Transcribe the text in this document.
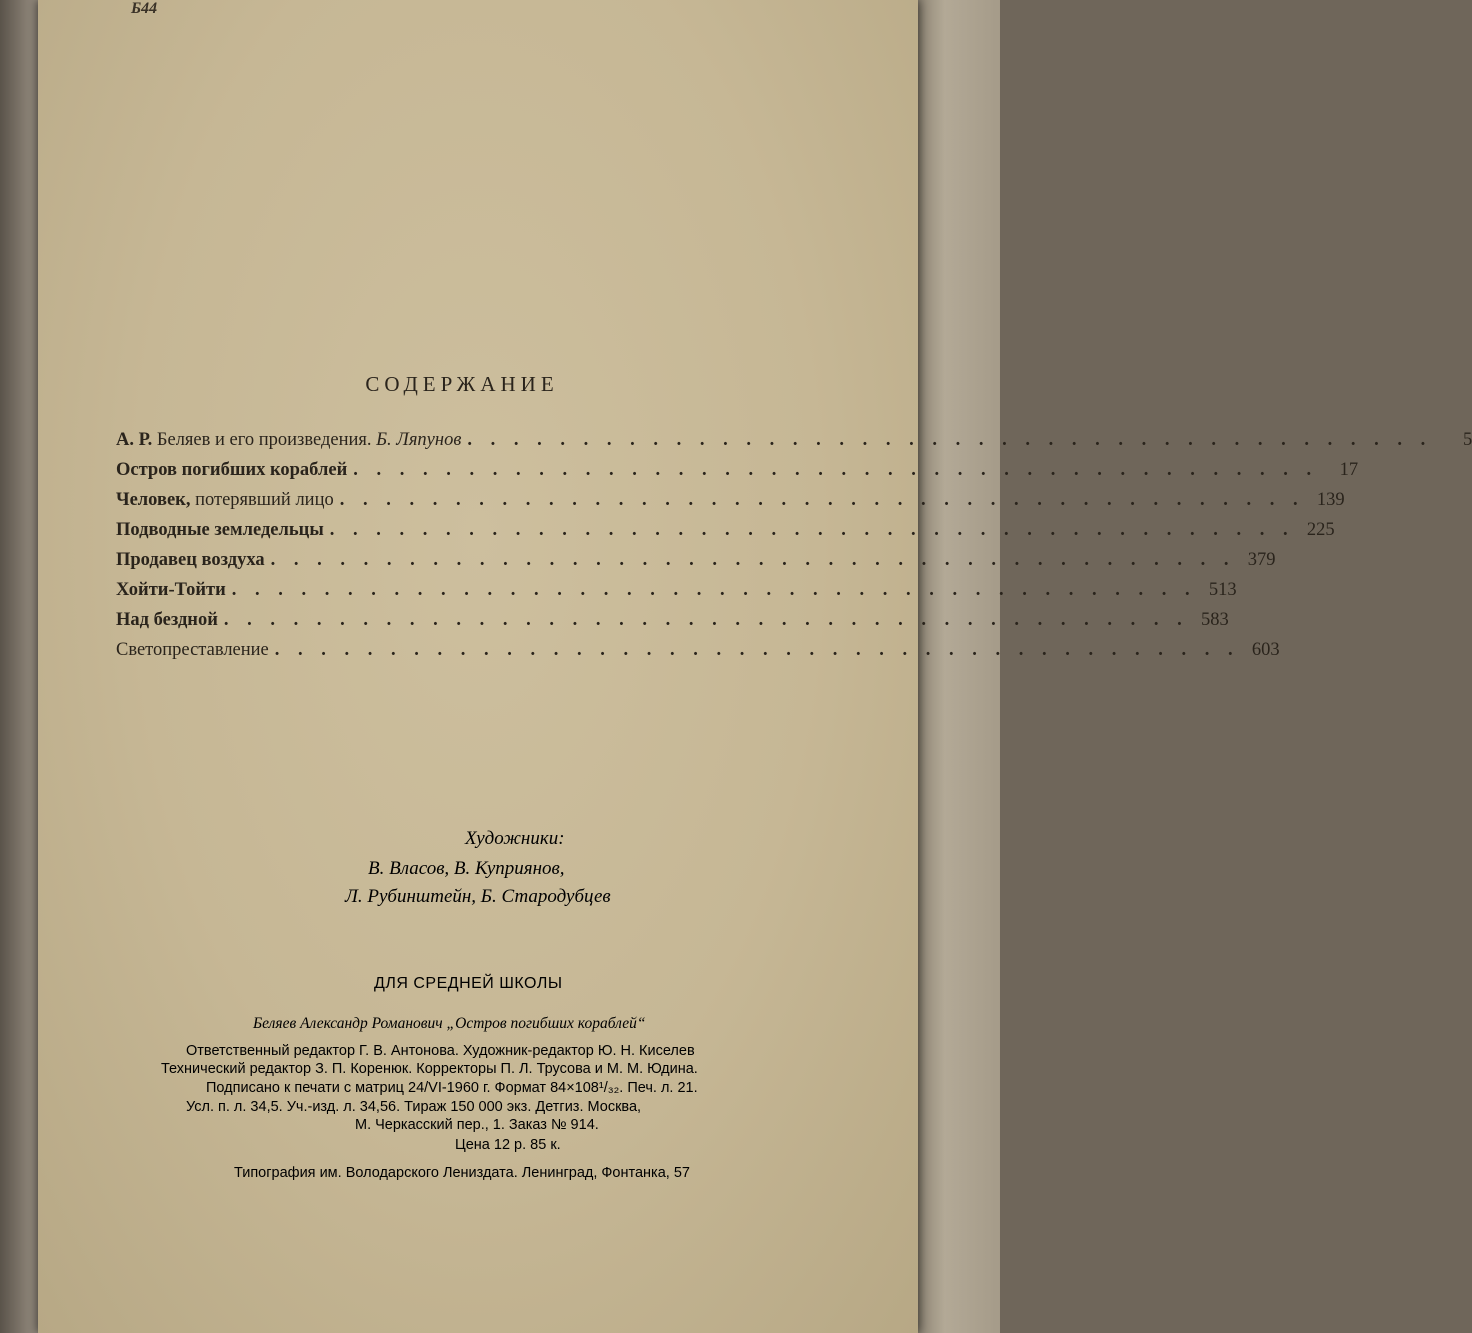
Б44
СОДЕРЖАНИЕ
А. Р. Беляев и его произведения. Б. Ляпунов . . . . . . . . . . . . . . . . . . . . . . . . . . . . . . . . . . . . . . . . . .	5
Остров погибших кораблей . . . . . . . . . . . . . . . . . . . . . . . . . . . . . . . . . . . . . . . . . .	17
Человек, потерявший лицо . . . . . . . . . . . . . . . . . . . . . . . . . . . . . . . . . . . . . . . . . . 139
Подводные земледельцы . . . . . . . . . . . . . . . . . . . . . . . . . . . . . . . . . . . . . . . . . . 225
Продавец воздуха . . . . . . . . . . . . . . . . . . . . . . . . . . . . . . . . . . . . . . . . . . 379
Хойти-Тойти . . . . . . . . . . . . . . . . . . . . . . . . . . . . . . . . . . . . . . . . . . 513
Над бездной . . . . . . . . . . . . . . . . . . . . . . . . . . . . . . . . . . . . . . . . . . 583
Светопреставление . . . . . . . . . . . . . . . . . . . . . . . . . . . . . . . . . . . . . . . . . . 603
Художники:
В. Власов, В. Куприянов,
Л. Рубинштейн, Б. Стародубцев
ДЛЯ СРЕДНЕЙ ШКОЛЫ
Беляев Александр Романович „Остров погибших кораблей“
Ответственный редактор Г. В. Антонова. Художник-редактор Ю. Н. Киселев
Технический редактор З. П. Коренюк. Корректоры П. Л. Трусова и М. М. Юдина.
Подписано к печати с матриц 24/VI-1960 г. Формат 84×108¹/₃₂. Печ. л. 21.
Усл. п. л. 34,5. Уч.-изд. л. 34,56. Тираж 150 000 экз. Детгиз. Москва,
М. Черкасский пер., 1. Заказ № 914.
Цена 12 р. 85 к.
Типография им. Володарского Лениздата. Ленинград, Фонтанка, 57
